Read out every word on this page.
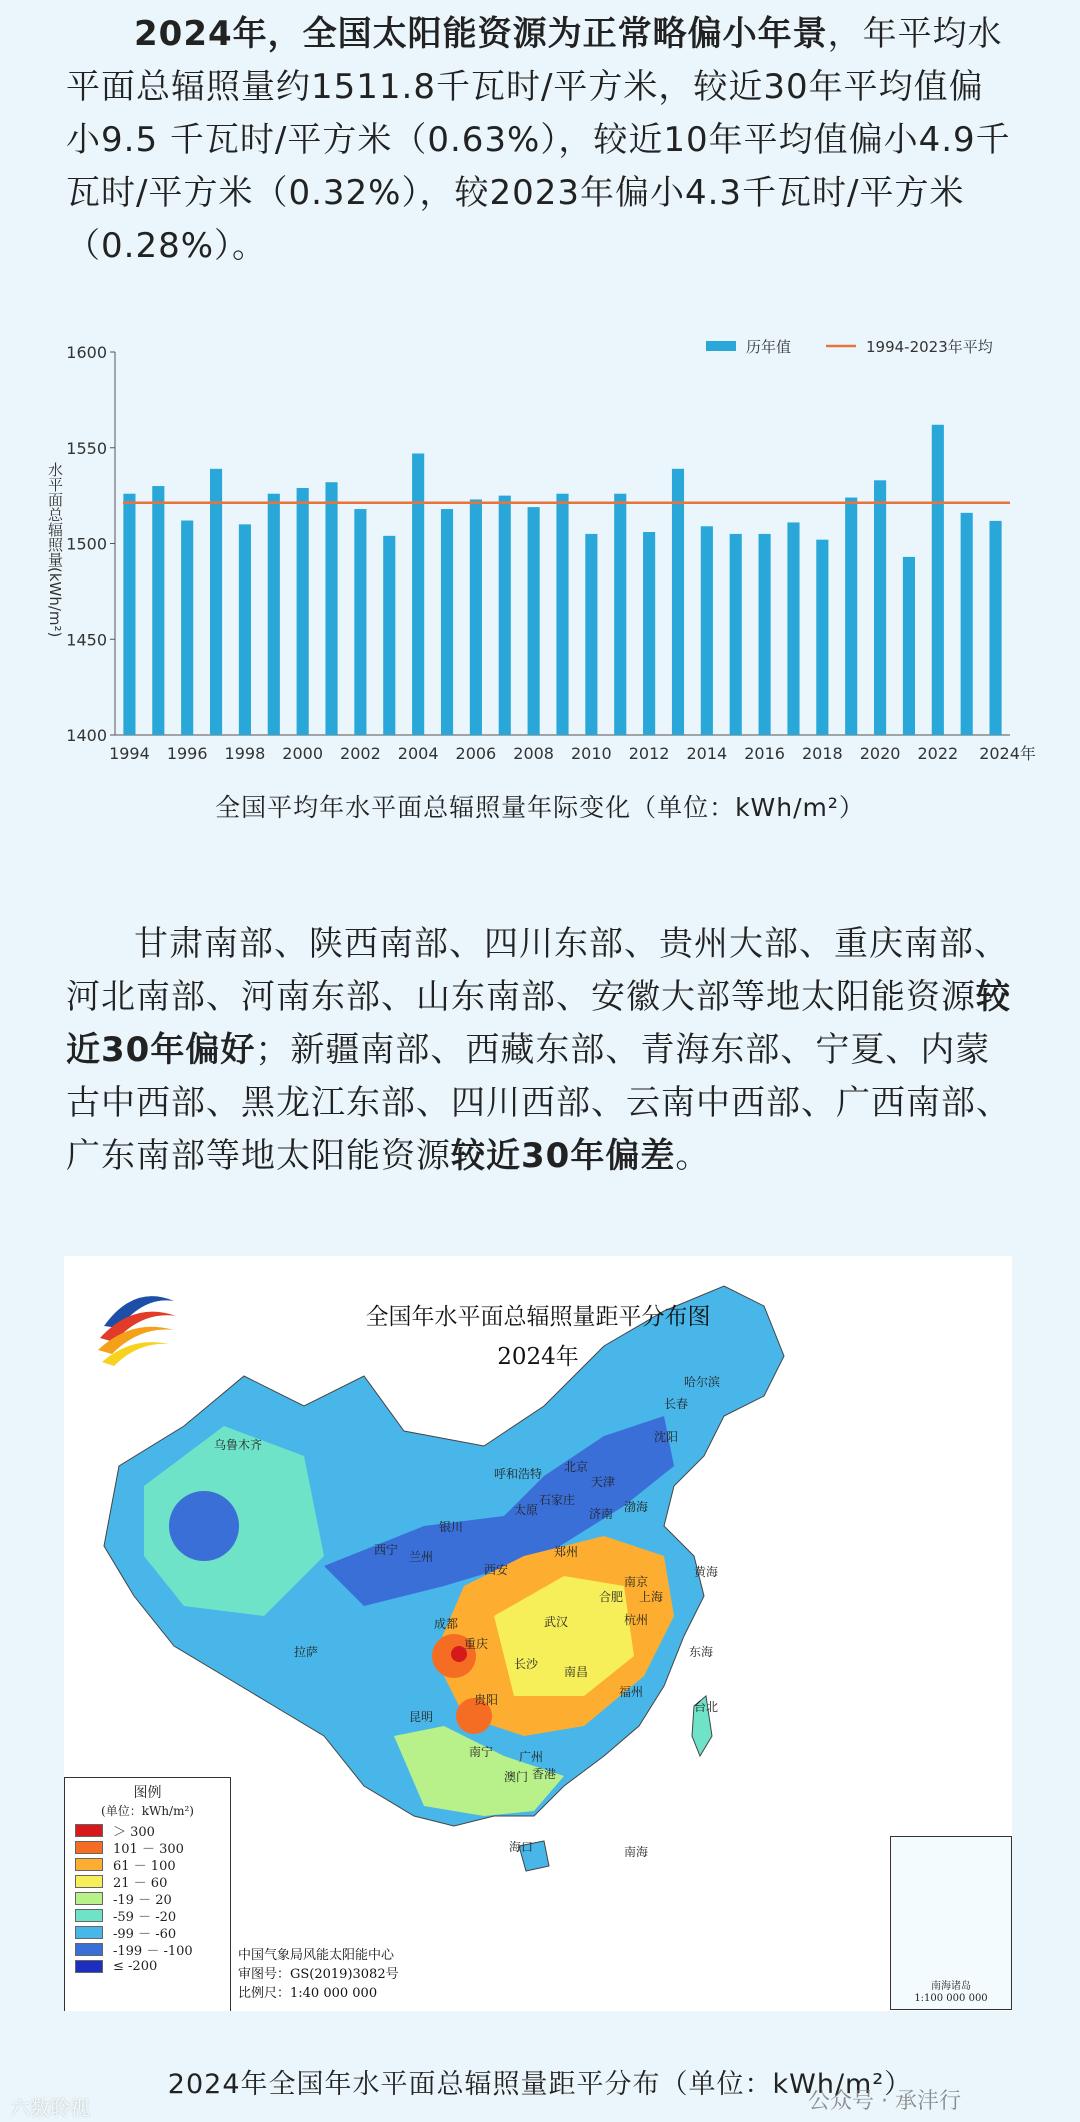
2024年，全国太阳能资源为正常略偏小年景，年平均水平面总辐照量约1511.8千瓦时/平方米，较近30年平均值偏小9.5 千瓦时/平方米（0.63%），较近10年平均值偏小4.9千瓦时/平方米（0.32%），较2023年偏小4.3千瓦时/平方米（0.28%）。

1400
1450
1500
1550
1600
水平面总辐照量(kWh/m²)
1994 1996 1998 2000 2002 2004 2006 2008 2010 2012 2014 2016 2018 2020 2022 2024年
历年值	1994-2023年平均
全国平均年水平面总辐照量年际变化（单位：kWh/m²）

甘肃南部、陕西南部、四川东部、贵州大部、重庆南部、河北南部、河南东部、山东南部、安徽大部等地太阳能资源较近30年偏好；新疆南部、西藏东部、青海东部、宁夏、内蒙古中西部、黑龙江东部、四川西部、云南中西部、广西南部、广东南部等地太阳能资源较近30年偏差。

乌鲁木齐
哈尔滨
长春
沈阳
北京
天津
呼和浩特
石家庄
太原	济南
银川
兰州
西宁
西安
郑州
南京
合肥 上海
杭州
武汉
成都
重庆
长沙
南昌
贵阳
昆明
拉萨
福州
台北
南宁 广州
香港
澳门
海口
东海
黄海
渤海
南海
全国年水平面总辐照量距平分布图
2024年
图例
(单位：kWh/m²)
＞ 300
101 － 300
61 － 100
21 － 60
-19 － 20
-59 － -20
-99 － -60
-199 － -100
≤ -200
中国气象局风能太阳能中心
审图号：GS(2019)3082号
比例尺：1:40 000 000	南海诸岛
1:100 000 000
2024年全国年水平面总辐照量距平分布（单位：kWh/m²）
六数聆视	公众号 · 承沣行
